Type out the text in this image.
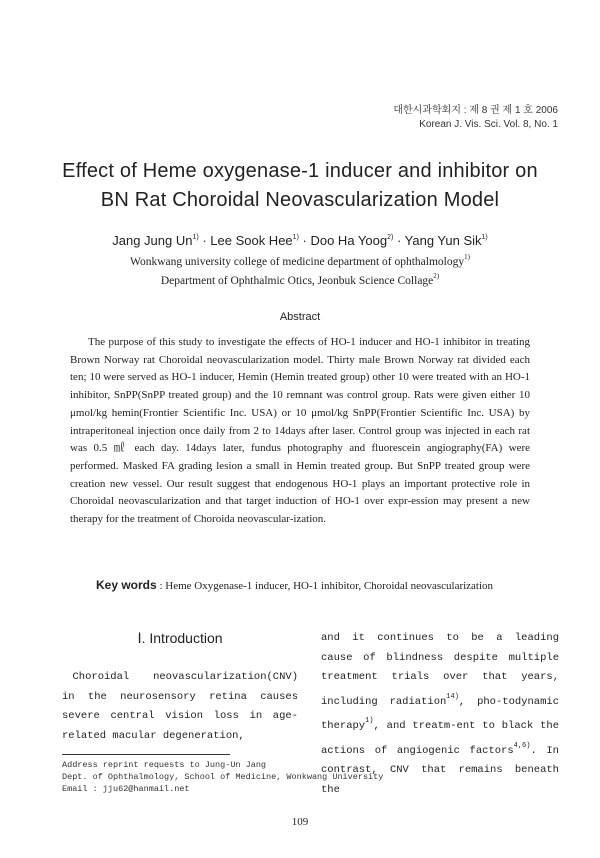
대한시과학회지 : 제 8 권 제 1 호 2006
Korean J. Vis. Sci. Vol. 8, No. 1
Effect of Heme oxygenase-1 inducer and inhibitor on
BN Rat Choroidal Neovascularization Model
Jang Jung $Un^{1)}$ · Lee Sook Hee$^{1)}$ · Doo Ha Yoog$^{2)}$ · Yang Yun Sik$^{1)}$
Wonkwang university college of medicine department of ophthalmology$^{1)}$
Department of Ophthalmic Otics, Jeonbuk Science Collage$^{2)}$
Abstract

The purpose of this study to investigate the effects of HO-1 inducer and HO-1 inhibitor in treating Brown Norway rat Choroidal neovascularization model. Thirty male Brown Norway rat divided each ten; 10 were served as HO-1 inducer, Hemin (Hemin treated group) other 10 were treated with an HO-1 inhibitor, SnPP(SnPP treated group) and the 10 remnant was control group. Rats were given either 10 μmol/kg hemin(Frontier Scientific Inc. USA) or 10 μmol/kg SnPP(Frontier Scientific Inc. USA) by intraperitoneal injection once daily from 2 to 14days after laser. Control group was injected in each rat was 0.5 ㎖ each day. 14days later, fundus photography and fluorescein angiography(FA) were performed. Masked FA grading lesion a small in Hemin treated group. But SnPP treated group were creation new vessel. Our result suggest that endogenous HO-1 plays an important protective role in Choroidal neovascularization and that target induction of HO-1 over expr-ession may present a new therapy for the treatment of Choroida neovascular-ization.

Key words : Heme Oxygenase-1 inducer, HO-1 inhibitor, Choroidal neovascularization
Ⅰ. Introduction

Choroidal neovascularization(CNV) in the neurosensory retina causes severe central vision loss in age-related macular degeneration,

and it continues to be a leading cause of blindness despite multiple treatment trials over that years, including radiation$^{14)}$, pho-todynamic therapy$^{1)}$, and treatm-ent to black the actions of angiogenic factors$^{4,6)}$. In contrast, CNV that remains beneath the

Address reprint requests to Jung-Un Jang
Dept. of Ophthalmology, School of Medicine, Wonkwang University
Email : jju62@hanmail.net
109
